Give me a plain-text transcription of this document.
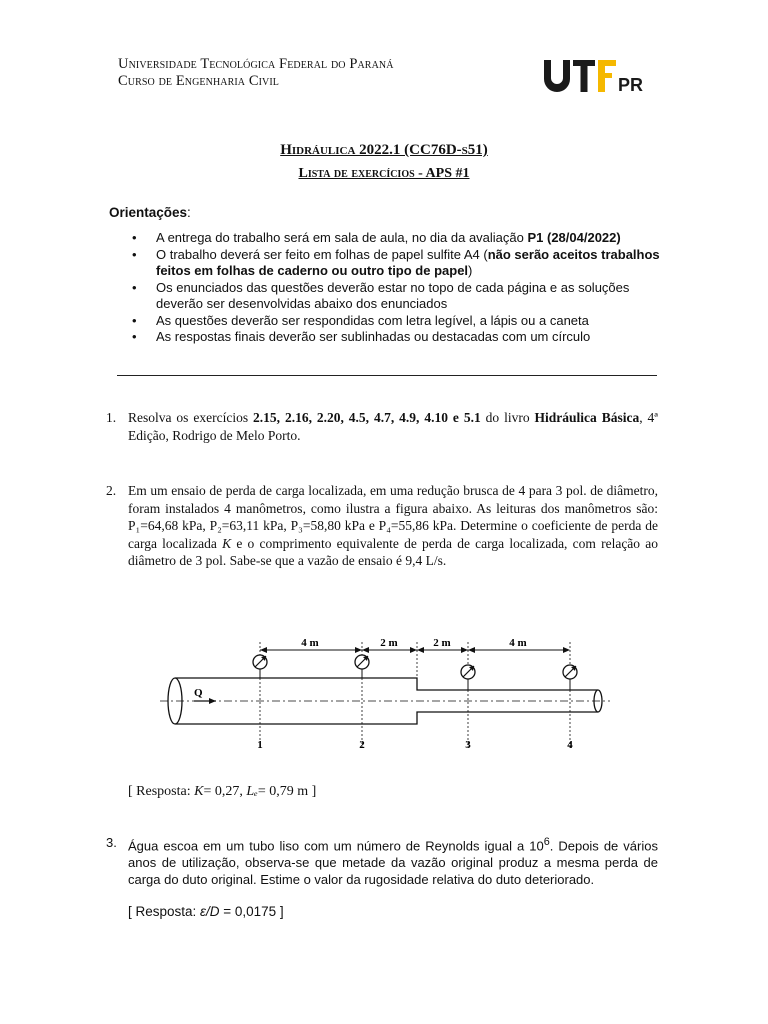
Universidade Tecnológica Federal do Paraná
Curso de Engenharia Civil	PR
Hidráulica 2022.1 (CC76D-s51)
Lista de exercícios - APS #1
Orientações:
• A entrega do trabalho será em sala de aula, no dia da avaliação P1 (28/04/2022)
• O trabalho deverá ser feito em folhas de papel sulfite A4 (não serão aceitos trabalhos feitos em folhas de caderno ou outro tipo de papel)
• Os enunciados das questões deverão estar no topo de cada página e as soluções deverão ser desenvolvidas abaixo dos enunciados
• As questões deverão ser respondidas com letra legível, a lápis ou a caneta
• As respostas finais deverão ser sublinhadas ou destacadas com um círculo
1. Resolva os exercícios 2.15, 2.16, 2.20, 4.5, 4.7, 4.9, 4.10 e 5.1 do livro Hidráulica Básica, 4ª Edição, Rodrigo de Melo Porto.
2. Em um ensaio de perda de carga localizada, em uma redução brusca de 4 para 3 pol. de diâmetro, foram instalados 4 manômetros, como ilustra a figura abaixo. As leituras dos manômetros são: P₁=64,68 kPa, P₂=63,11 kPa, P₃=58,80 kPa e P₄=55,86 kPa. Determine o coeficiente de perda de carga localizada K e o comprimento equivalente de perda de carga localizada, com relação ao diâmetro de 3 pol. Sabe-se que a vazão de ensaio é 9,4 L/s.
4 m	2 m	2 m	4 m
Q
1	2	3	4
[ Resposta: K= 0,27, Lₑ= 0,79 m ]
3. Água escoa em um tubo liso com um número de Reynolds igual a $10^6$. Depois de vários anos de utilização, observa-se que metade da vazão original produz a mesma perda de carga do duto original. Estime o valor da rugosidade relativa do duto deteriorado.
[ Resposta: ε/D = 0,0175 ]
